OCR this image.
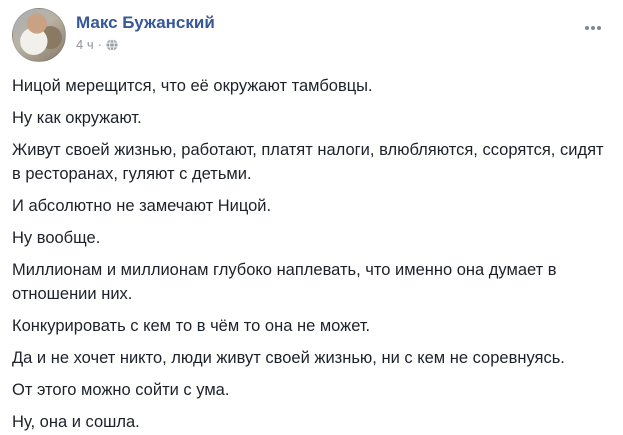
Макс Бужанский
4 ч ·

Ницой мерещится, что её окружают тамбовцы.

Ну как окружают.

Живут своей жизнью, работают, платят налоги, влюбляются, ссорятся, сидят в ресторанах, гуляют с детьми.

И абсолютно не замечают Ницой.

Ну вообще.

Миллионам и миллионам глубоко наплевать, что именно она думает в отношении них.

Конкурировать с кем то в чём то она не может.

Да и не хочет никто, люди живут своей жизнью, ни с кем не соревнуясь.

От этого можно сойти с ума.

Ну, она и сошла.
